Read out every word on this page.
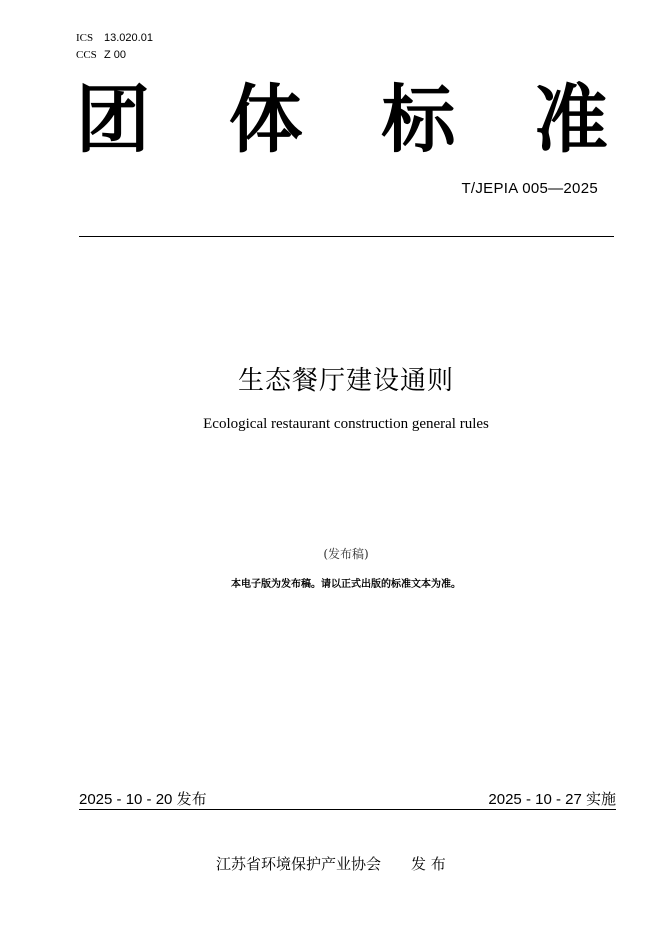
ICS 13.020.01
CCS Z 00
团 体 标 准
T/JEPIA 005—2025
生态餐厅建设通则
Ecological restaurant construction general rules
(发布稿)
本电子版为发布稿。请以正式出版的标准文本为准。
2025 - 10 - 20 发布	2025 - 10 - 27 实施
江苏省环境保护产业协会 发 布
